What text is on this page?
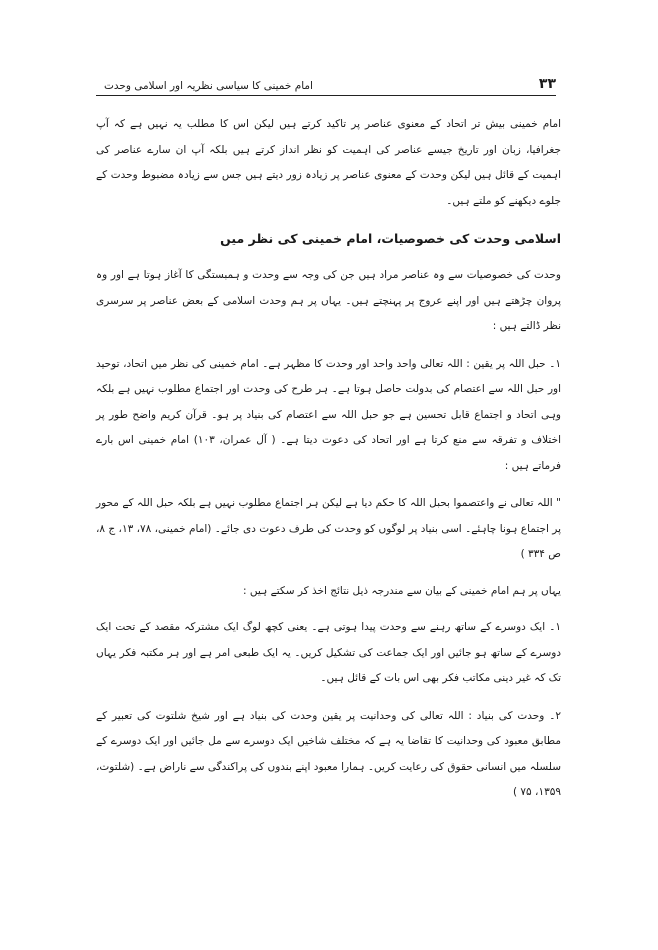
۳۳
امام خمینی کا سیاسی نظریہ اور اسلامی وحدت

امام خمینی بیش تر اتحاد کے معنوی عناصر پر تاکید کرتے ہیں لیکن اس کا مطلب یہ نہیں ہے کہ آپ جغرافیا، زبان اور تاریخ جیسے عناصر کی اہمیت کو نظر انداز کرتے ہیں بلکہ آپ ان سارے عناصر کی اہمیت کے قائل ہیں لیکن وحدت کے معنوی عناصر پر زیادہ زور دیتے ہیں جس سے زیادہ مضبوط وحدت کے جلوے دیکھنے کو ملتے ہیں۔

اسلامی وحدت کی خصوصیات، امام خمینی کی نظر میں

وحدت کی خصوصیات سے وہ عناصر مراد ہیں جن کی وجہ سے وحدت و ہمبستگی کا آغاز ہوتا ہے اور وہ پروان چڑھتے ہیں اور اپنے عروج پر پہنچتے ہیں۔ یہاں پر ہم وحدت اسلامی کے بعض عناصر پر سرسری نظر ڈالتے ہیں :

۱۔ حبل اللہ پر یقین : اللہ تعالی واحد واحد اور وحدت کا مظہر ہے۔ امام خمینی کی نظر میں اتحاد، توحید اور حبل اللہ سے اعتصام کی بدولت حاصل ہوتا ہے۔ ہر طرح کی وحدت اور اجتماع مطلوب نہیں ہے بلکہ وہی اتحاد و اجتماع قابل تحسین ہے جو حبل اللہ سے اعتصام کی بنیاد پر ہو۔ قرآن کریم واضح طور پر اختلاف و تفرقہ سے منع کرتا ہے اور اتحاد کی دعوت دیتا ہے۔ ( آل عمران، ۱۰۳) امام خمینی اس بارے فرماتے ہیں :

" اللہ تعالی نے واعتصموا بحبل اللہ کا حکم دیا ہے لیکن ہر اجتماع مطلوب نہیں ہے بلکہ حبل اللہ کے محور پر اجتماع ہونا چاہئے۔ اسی بنیاد پر لوگوں کو وحدت کی طرف دعوت دی جائے۔ (امام خمینی، ۷۸، ۱۳، ج ۸، ص ۳۳۴ )

یہاں پر ہم امام خمینی کے بیان سے مندرجہ ذیل نتائج اخذ کر سکتے ہیں :

۱۔ ایک دوسرے کے ساتھ رہنے سے وحدت پیدا ہوتی ہے۔ یعنی کچھ لوگ ایک مشترکہ مقصد کے تحت ایک دوسرے کے ساتھ ہو جائیں اور ایک جماعت کی تشکیل کریں۔ یہ ایک طبعی امر ہے اور ہر مکتبہ فکر یہاں تک کہ غیر دینی مکاتب فکر بھی اس بات کے قائل ہیں۔

۲۔ وحدت کی بنیاد : اللہ تعالی کی وحدانیت پر یقین وحدت کی بنیاد ہے اور شیخ شلتوت کی تعبیر کے مطابق معبود کی وحدانیت کا تقاضا یہ ہے کہ مختلف شاخیں ایک دوسرے سے مل جائیں اور ایک دوسرے کے سلسلہ میں انسانی حقوق کی رعایت کریں۔ ہمارا معبود اپنے بندوں کی پراکندگی سے ناراض ہے۔ (شلتوت، ۱۳۵۹، ۷۵ )
